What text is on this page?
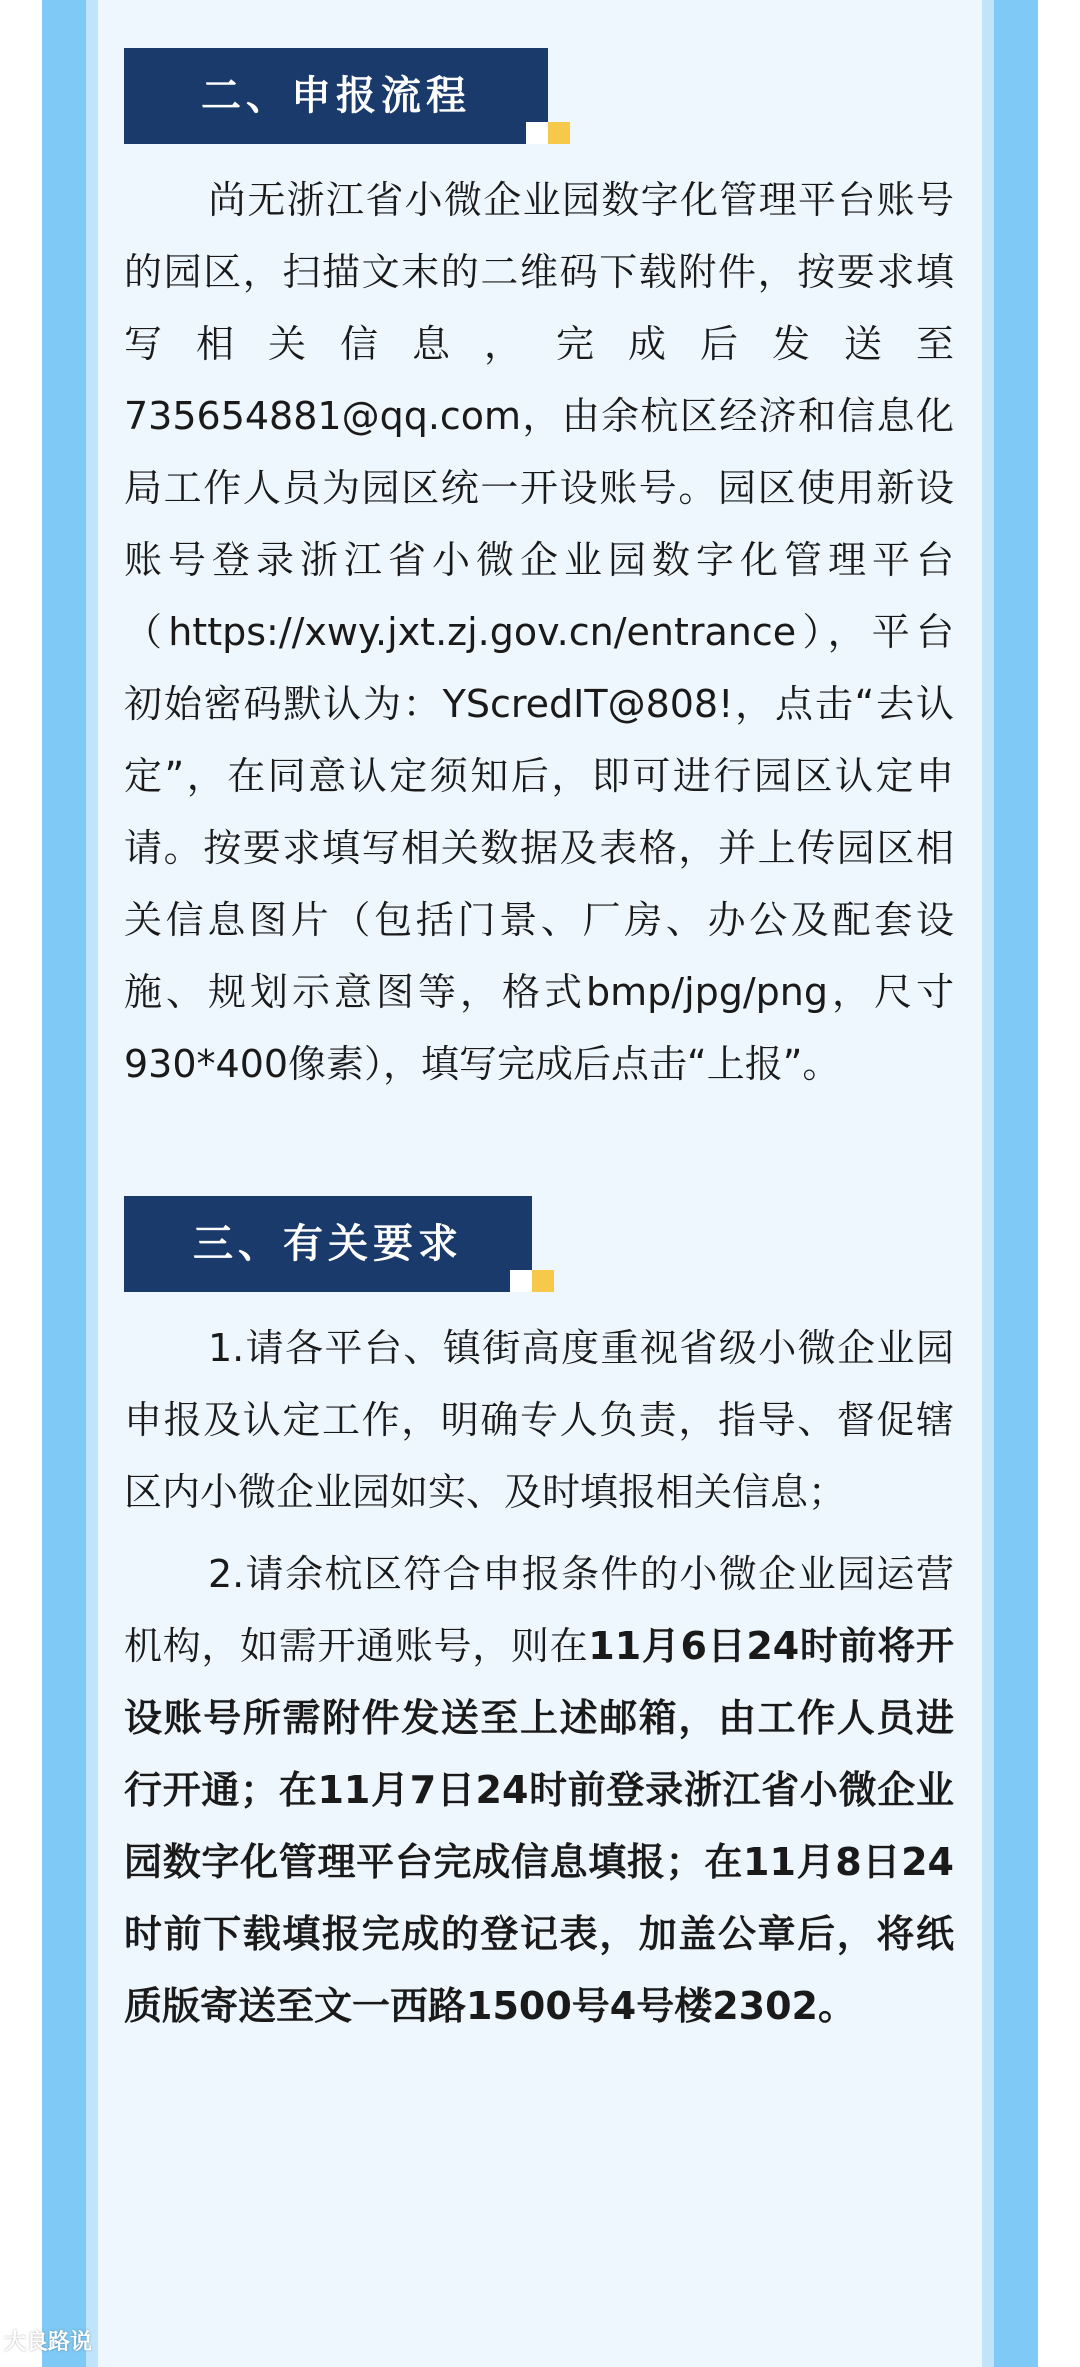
二、申报流程

尚无浙江省小微企业园数字化管理平台账号的园区，扫描文末的二维码下载附件，按要求填写相关信息，完成后发送至735654881@qq.com，由余杭区经济和信息化局工作人员为园区统一开设账号。园区使用新设账号登录浙江省小微企业园数字化管理平台（https://xwy.jxt.zj.gov.cn/entrance），平台初始密码默认为：YScredIT@808!，点击“去认定”，在同意认定须知后，即可进行园区认定申请。按要求填写相关数据及表格，并上传园区相关信息图片（包括门景、厂房、办公及配套设施、规划示意图等，格式bmp/jpg/png，尺寸930*400像素），填写完成后点击“上报”。

三、有关要求

1.请各平台、镇街高度重视省级小微企业园申报及认定工作，明确专人负责，指导、督促辖区内小微企业园如实、及时填报相关信息；

2.请余杭区符合申报条件的小微企业园运营机构，如需开通账号，则在11月6日24时前将开设账号所需附件发送至上述邮箱，由工作人员进行开通；在11月7日24时前登录浙江省小微企业园数字化管理平台完成信息填报；在11月8日24时前下载填报完成的登记表，加盖公章后，将纸质版寄送至文一西路1500号4号楼2302。

大良路说
